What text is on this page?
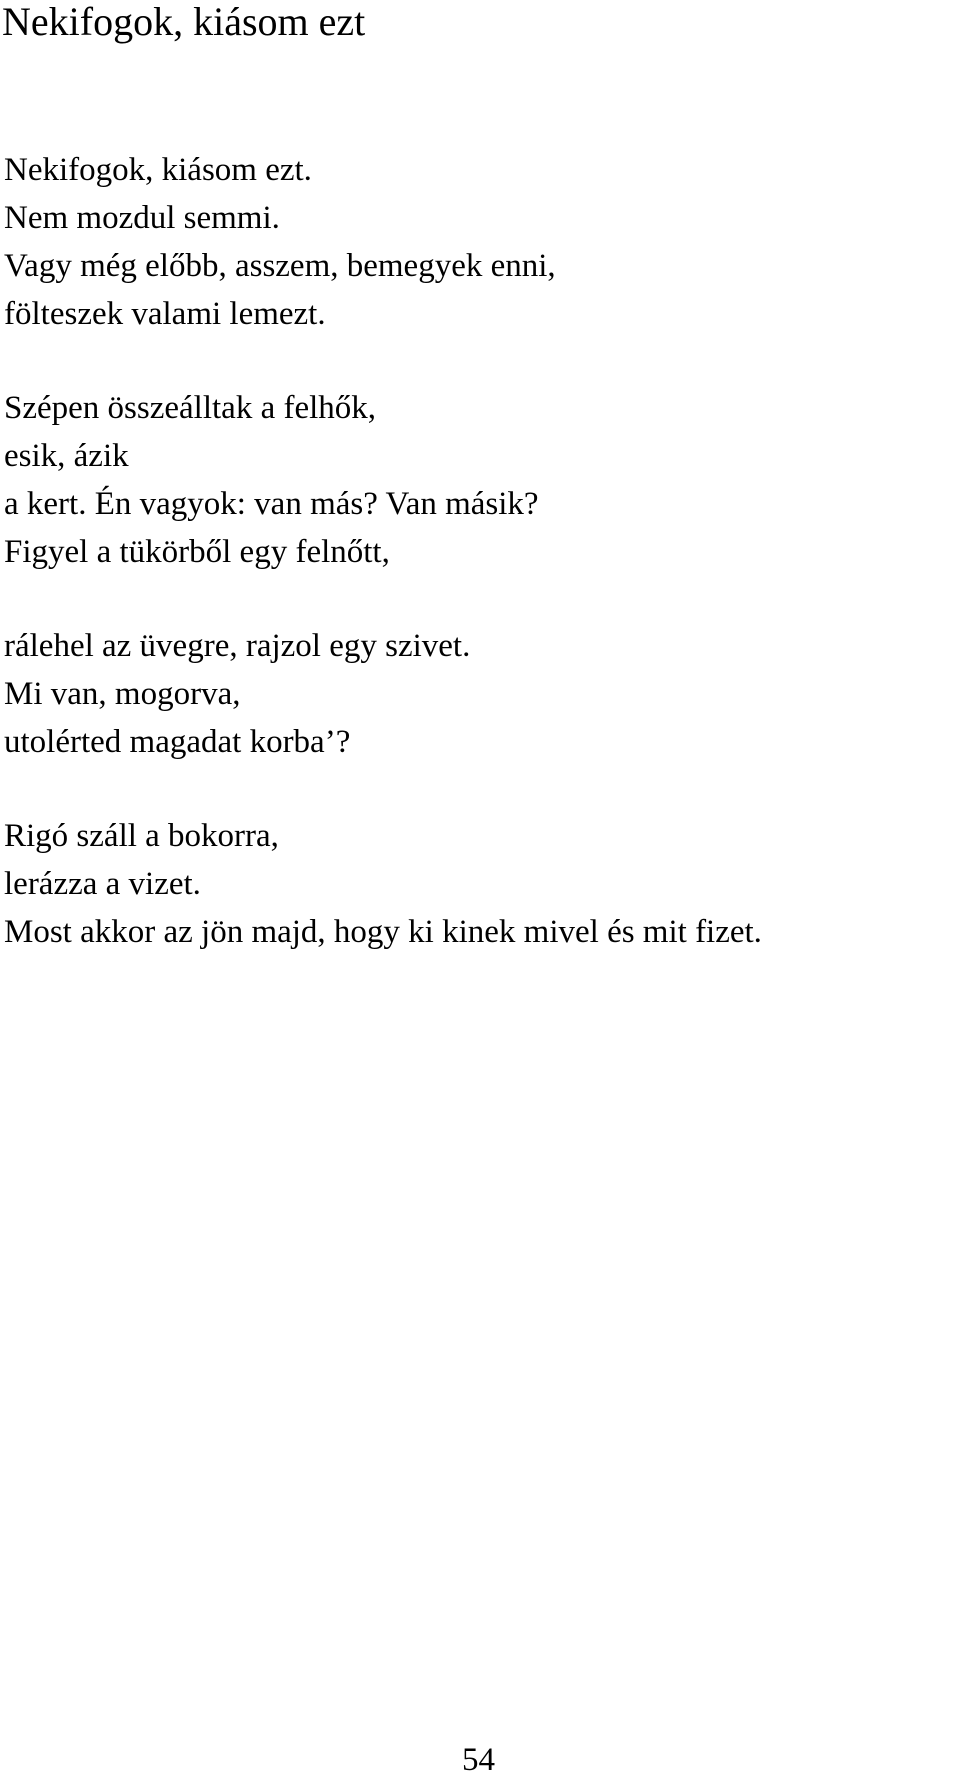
Nekifogok, kiásom ezt
Nekifogok, kiásom ezt.
Nem mozdul semmi.
Vagy még előbb, asszem, bemegyek enni,
fölteszek valami lemezt.
Szépen összeálltak a felhők,
esik, ázik
a kert. Én vagyok: van más? Van másik?
Figyel a tükörből egy felnőtt,
rálehel az üvegre, rajzol egy szivet.
Mi van, mogorva,
utolérted magadat korba’?
Rigó száll a bokorra,
lerázza a vizet.
Most akkor az jön majd, hogy ki kinek mivel és mit fizet.
54
